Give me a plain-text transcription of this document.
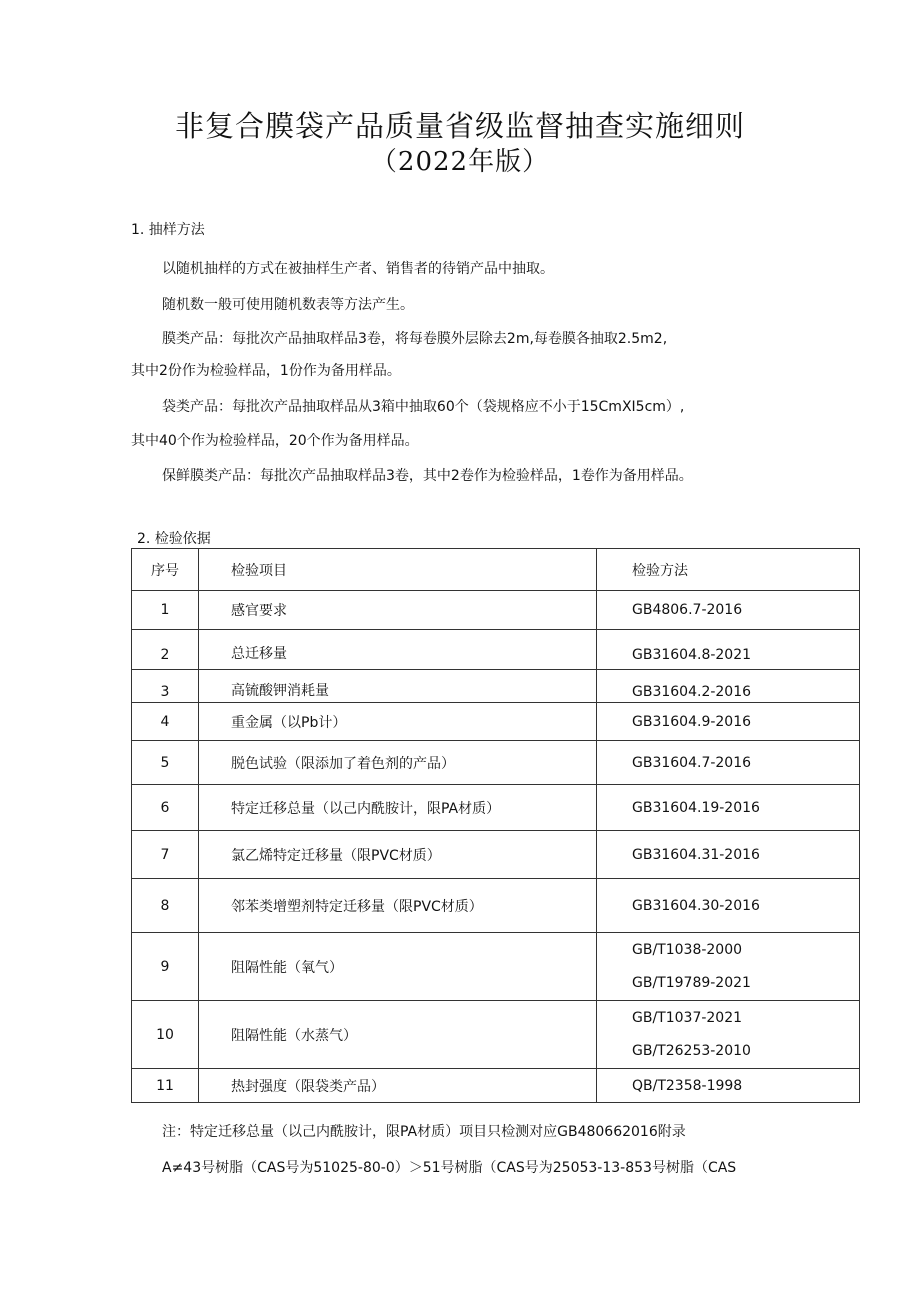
非复合膜袋产品质量省级监督抽查实施细则
（2022年版）
1. 抽样方法
以随机抽样的方式在被抽样生产者、销售者的待销产品中抽取。
随机数一般可使用随机数表等方法产生。
膜类产品：每批次产品抽取样品3卷，将每卷膜外层除去2m,每卷膜各抽取2.5m2,
其中2份作为检验样品，1份作为备用样品。
袋类产品：每批次产品抽取样品从3箱中抽取60个（袋规格应不小于15CmXI5cm）,
其中40个作为检验样品，20个作为备用样品。
保鲜膜类产品：每批次产品抽取样品3卷，其中2卷作为检验样品，1卷作为备用样品。
2. 检验依据
序号	检验项目	检验方法
1	感官要求	GB4806.7-2016
2	总迁移量	GB31604.8-2021
3	高锍酸钾消耗量	GB31604.2-2016
4	重金属（以Pb计）	GB31604.9-2016
5	脱色试验（限添加了着色剂的产品）	GB31604.7-2016
6	特定迁移总量（以己内酰胺计，限PA材质）	GB31604.19-2016
7	氯乙烯特定迁移量（限PVC材质）	GB31604.31-2016
8	邻苯类增塑剂特定迁移量（限PVC材质）	GB31604.30-2016
9	阻隔性能（氧气）	GB/T1038-2000
GB/T19789-2021

10	阻隔性能（水蒸气）	GB/T1037-2021
GB/T26253-2010

11	热封强度（限袋类产品）	QB/T2358-1998
注：特定迁移总量（以己内酰胺计，限PA材质）项目只检测对应GB480662016附录
A≠43号树脂（CAS号为51025-80-0）＞51号树脂（CAS号为25053-13-853号树脂（CAS
